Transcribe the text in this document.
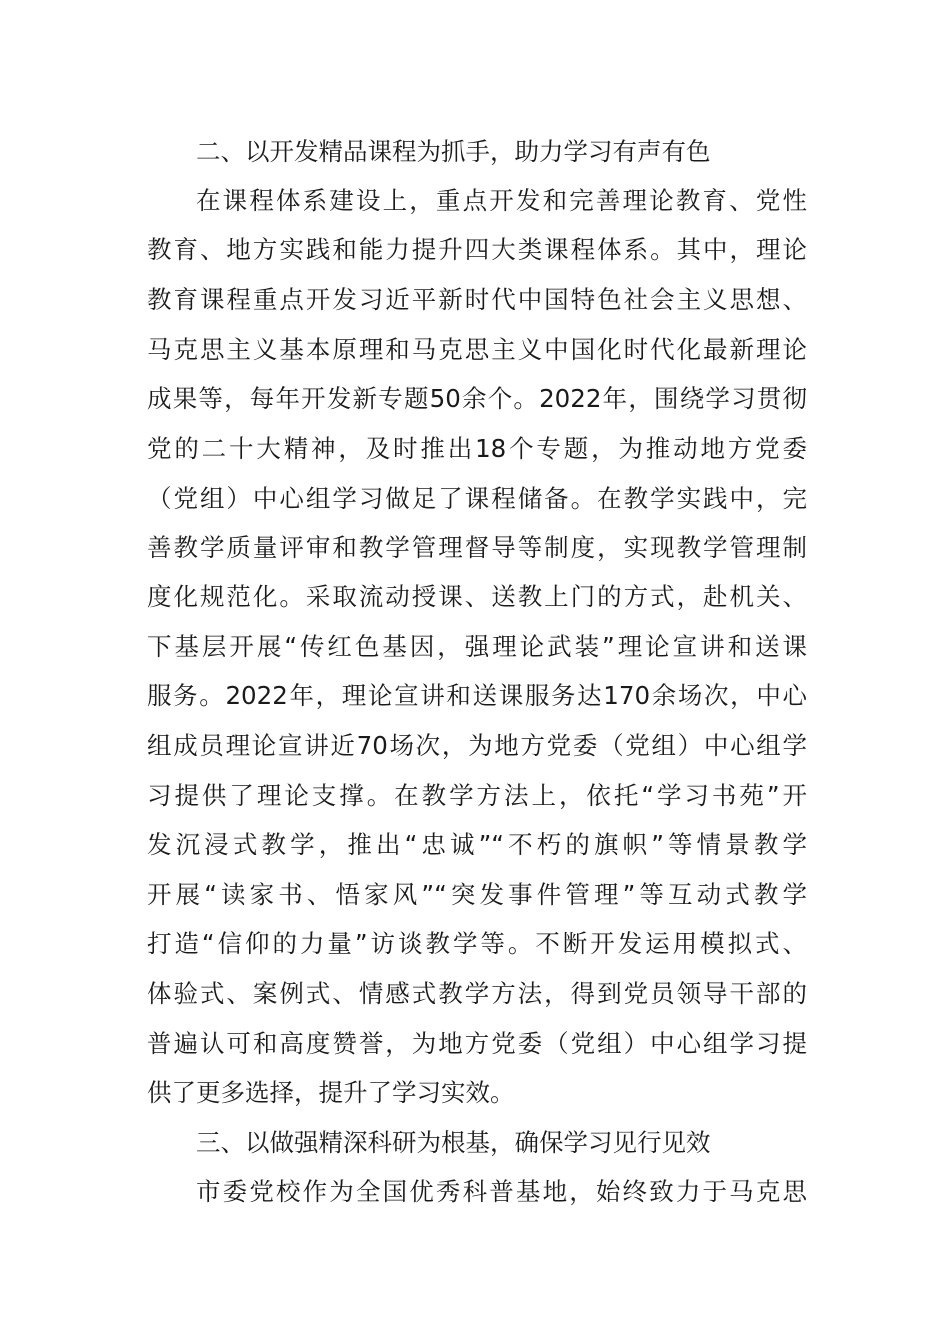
二、以开发精品课程为抓手，助力学习有声有色
在课程体系建设上，重点开发和完善理论教育、党性
教育、地方实践和能力提升四大类课程体系。其中，理论
教育课程重点开发习近平新时代中国特色社会主义思想、
马克思主义基本原理和马克思主义中国化时代化最新理论
成果等，每年开发新专题50余个。2022年，围绕学习贯彻
党的二十大精神，及时推出18个专题，为推动地方党委
（党组）中心组学习做足了课程储备。在教学实践中，完
善教学质量评审和教学管理督导等制度，实现教学管理制
度化规范化。采取流动授课、送教上门的方式，赴机关、
下基层开展“传红色基因，强理论武装”理论宣讲和送课
服务。2022年，理论宣讲和送课服务达170余场次，中心
组成员理论宣讲近70场次，为地方党委（党组）中心组学
习提供了理论支撑。在教学方法上，依托“学习书苑”开
发沉浸式教学，推出“忠诚”“不朽的旗帜”等情景教学
开展“读家书、悟家风”“突发事件管理”等互动式教学
打造“信仰的力量”访谈教学等。不断开发运用模拟式、
体验式、案例式、情感式教学方法，得到党员领导干部的
普遍认可和高度赞誉，为地方党委（党组）中心组学习提
供了更多选择，提升了学习实效。
三、以做强精深科研为根基，确保学习见行见效
市委党校作为全国优秀科普基地，始终致力于马克思
